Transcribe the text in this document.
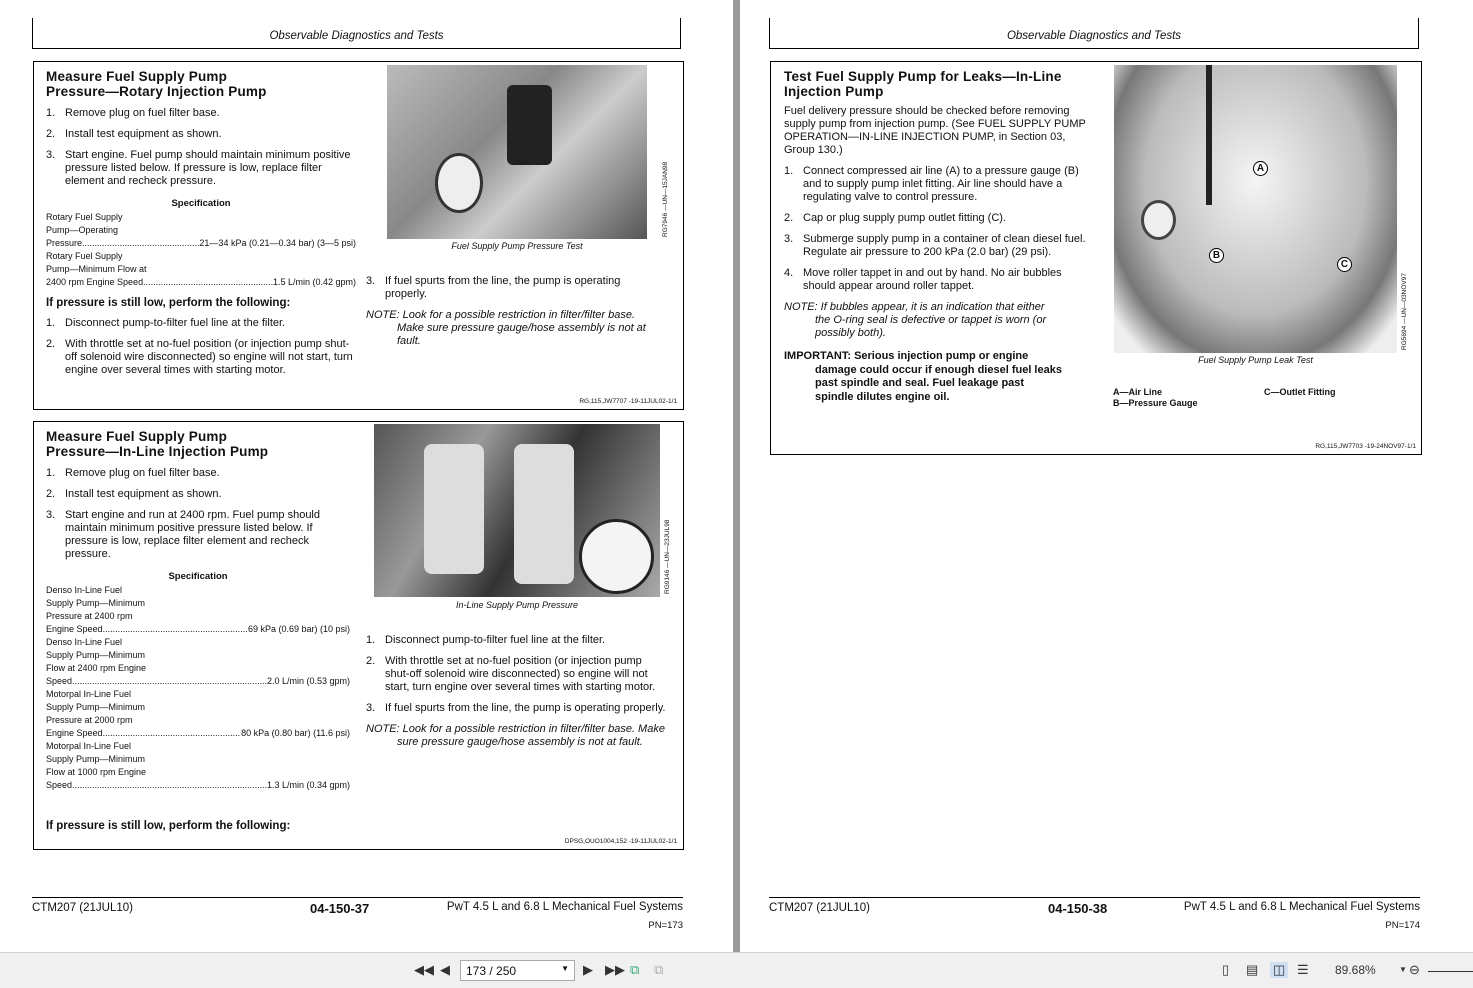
Observable Diagnostics and Tests
Measure Fuel Supply Pump
Pressure—Rotary Injection Pump
1. Remove plug on fuel filter base.
2. Install test equipment as shown.
3. Start engine. Fuel pump should maintain minimum positive pressure listed below. If pressure is low, replace filter element and recheck pressure.
Specification
Rotary Fuel Supply
Pump—Operating
Pressure .....	21—34 kPa (0.21—0.34 bar) (3—5 psi)
Rotary Fuel Supply
Pump—Minimum Flow at
2400 rpm Engine Speed .....	1.5 L/min (0.42 gpm)
If pressure is still low, perform the following:
1. Disconnect pump-to-filter fuel line at the filter.
2. With throttle set at no-fuel position (or injection pump shut-off solenoid wire disconnected) so engine will not start, turn engine over several times with starting motor.
RG7946 —UN—15JAN98
Fuel Supply Pump Pressure Test
3. If fuel spurts from the line, the pump is operating properly.
NOTE: Look for a possible restriction in filter/filter base. Make sure pressure gauge/hose assembly is not at fault.
RG,115,JW7707 -19-11JUL02-1/1
Measure Fuel Supply Pump
Pressure—In-Line Injection Pump
1. Remove plug on fuel filter base.
2. Install test equipment as shown.
3. Start engine and run at 2400 rpm. Fuel pump should maintain minimum positive pressure listed below. If pressure is low, replace filter element and recheck pressure.
Specification
Denso In-Line Fuel
Supply Pump—Minimum
Pressure at 2400 rpm
Engine Speed .....	69 kPa (0.69 bar) (10 psi)
Denso In-Line Fuel
Supply Pump—Minimum
Flow at 2400 rpm Engine
Speed .....	2.0 L/min (0.53 gpm)
Motorpal In-Line Fuel
Supply Pump—Minimum
Pressure at 2000 rpm
Engine Speed .....	80 kPa (0.80 bar) (11.6 psi)
Motorpal In-Line Fuel
Supply Pump—Minimum
Flow at 1000 rpm Engine
Speed .....	1.3 L/min (0.34 gpm)
If pressure is still low, perform the following:
RG9146 —UN—23JUL98
In-Line Supply Pump Pressure
1. Disconnect pump-to-filter fuel line at the filter.
2. With throttle set at no-fuel position (or injection pump shut-off solenoid wire disconnected) so engine will not start, turn engine over several times with starting motor.
3. If fuel spurts from the line, the pump is operating properly.
NOTE: Look for a possible restriction in filter/filter base. Make sure pressure gauge/hose assembly is not at fault.
DPSG,OUO1004,152 -19-11JUL02-1/1
CTM207 (21JUL10)	04-150-37	PwT 4.5 L and 6.8 L Mechanical Fuel Systems
PN=173
Observable Diagnostics and Tests
Test Fuel Supply Pump for Leaks—In-Line
Injection Pump
Fuel delivery pressure should be checked before removing supply pump from injection pump. (See FUEL SUPPLY PUMP OPERATION—IN-LINE INJECTION PUMP, in Section 03, Group 130.)
1. Connect compressed air line (A) to a pressure gauge (B) and to supply pump inlet fitting. Air line should have a regulating valve to control pressure.
2. Cap or plug supply pump outlet fitting (C).
3. Submerge supply pump in a container of clean diesel fuel. Regulate air pressure to 200 kPa (2.0 bar) (29 psi).
4. Move roller tappet in and out by hand. No air bubbles should appear around roller tappet.
NOTE: If bubbles appear, it is an indication that either the O-ring seal is defective or tappet is worn (or possibly both).
IMPORTANT: Serious injection pump or engine damage could occur if enough diesel fuel leaks past spindle and seal. Fuel leakage past spindle dilutes engine oil.
A
B
C
RG5694 —UN—03NOV97
Fuel Supply Pump Leak Test
A—Air Line
B—Pressure Gauge
C—Outlet Fitting
RG,115,JW7703 -19-24NOV97-1/1
CTM207 (21JUL10)	04-150-38	PwT 4.5 L and 6.8 L Mechanical Fuel Systems
PN=174
◀◀ ◀	173 / 250	▼ ▶ ▶▶ ⧉ ⧉	▯ ▤ ◫ ☰ 89.68%	▼ ⊖
